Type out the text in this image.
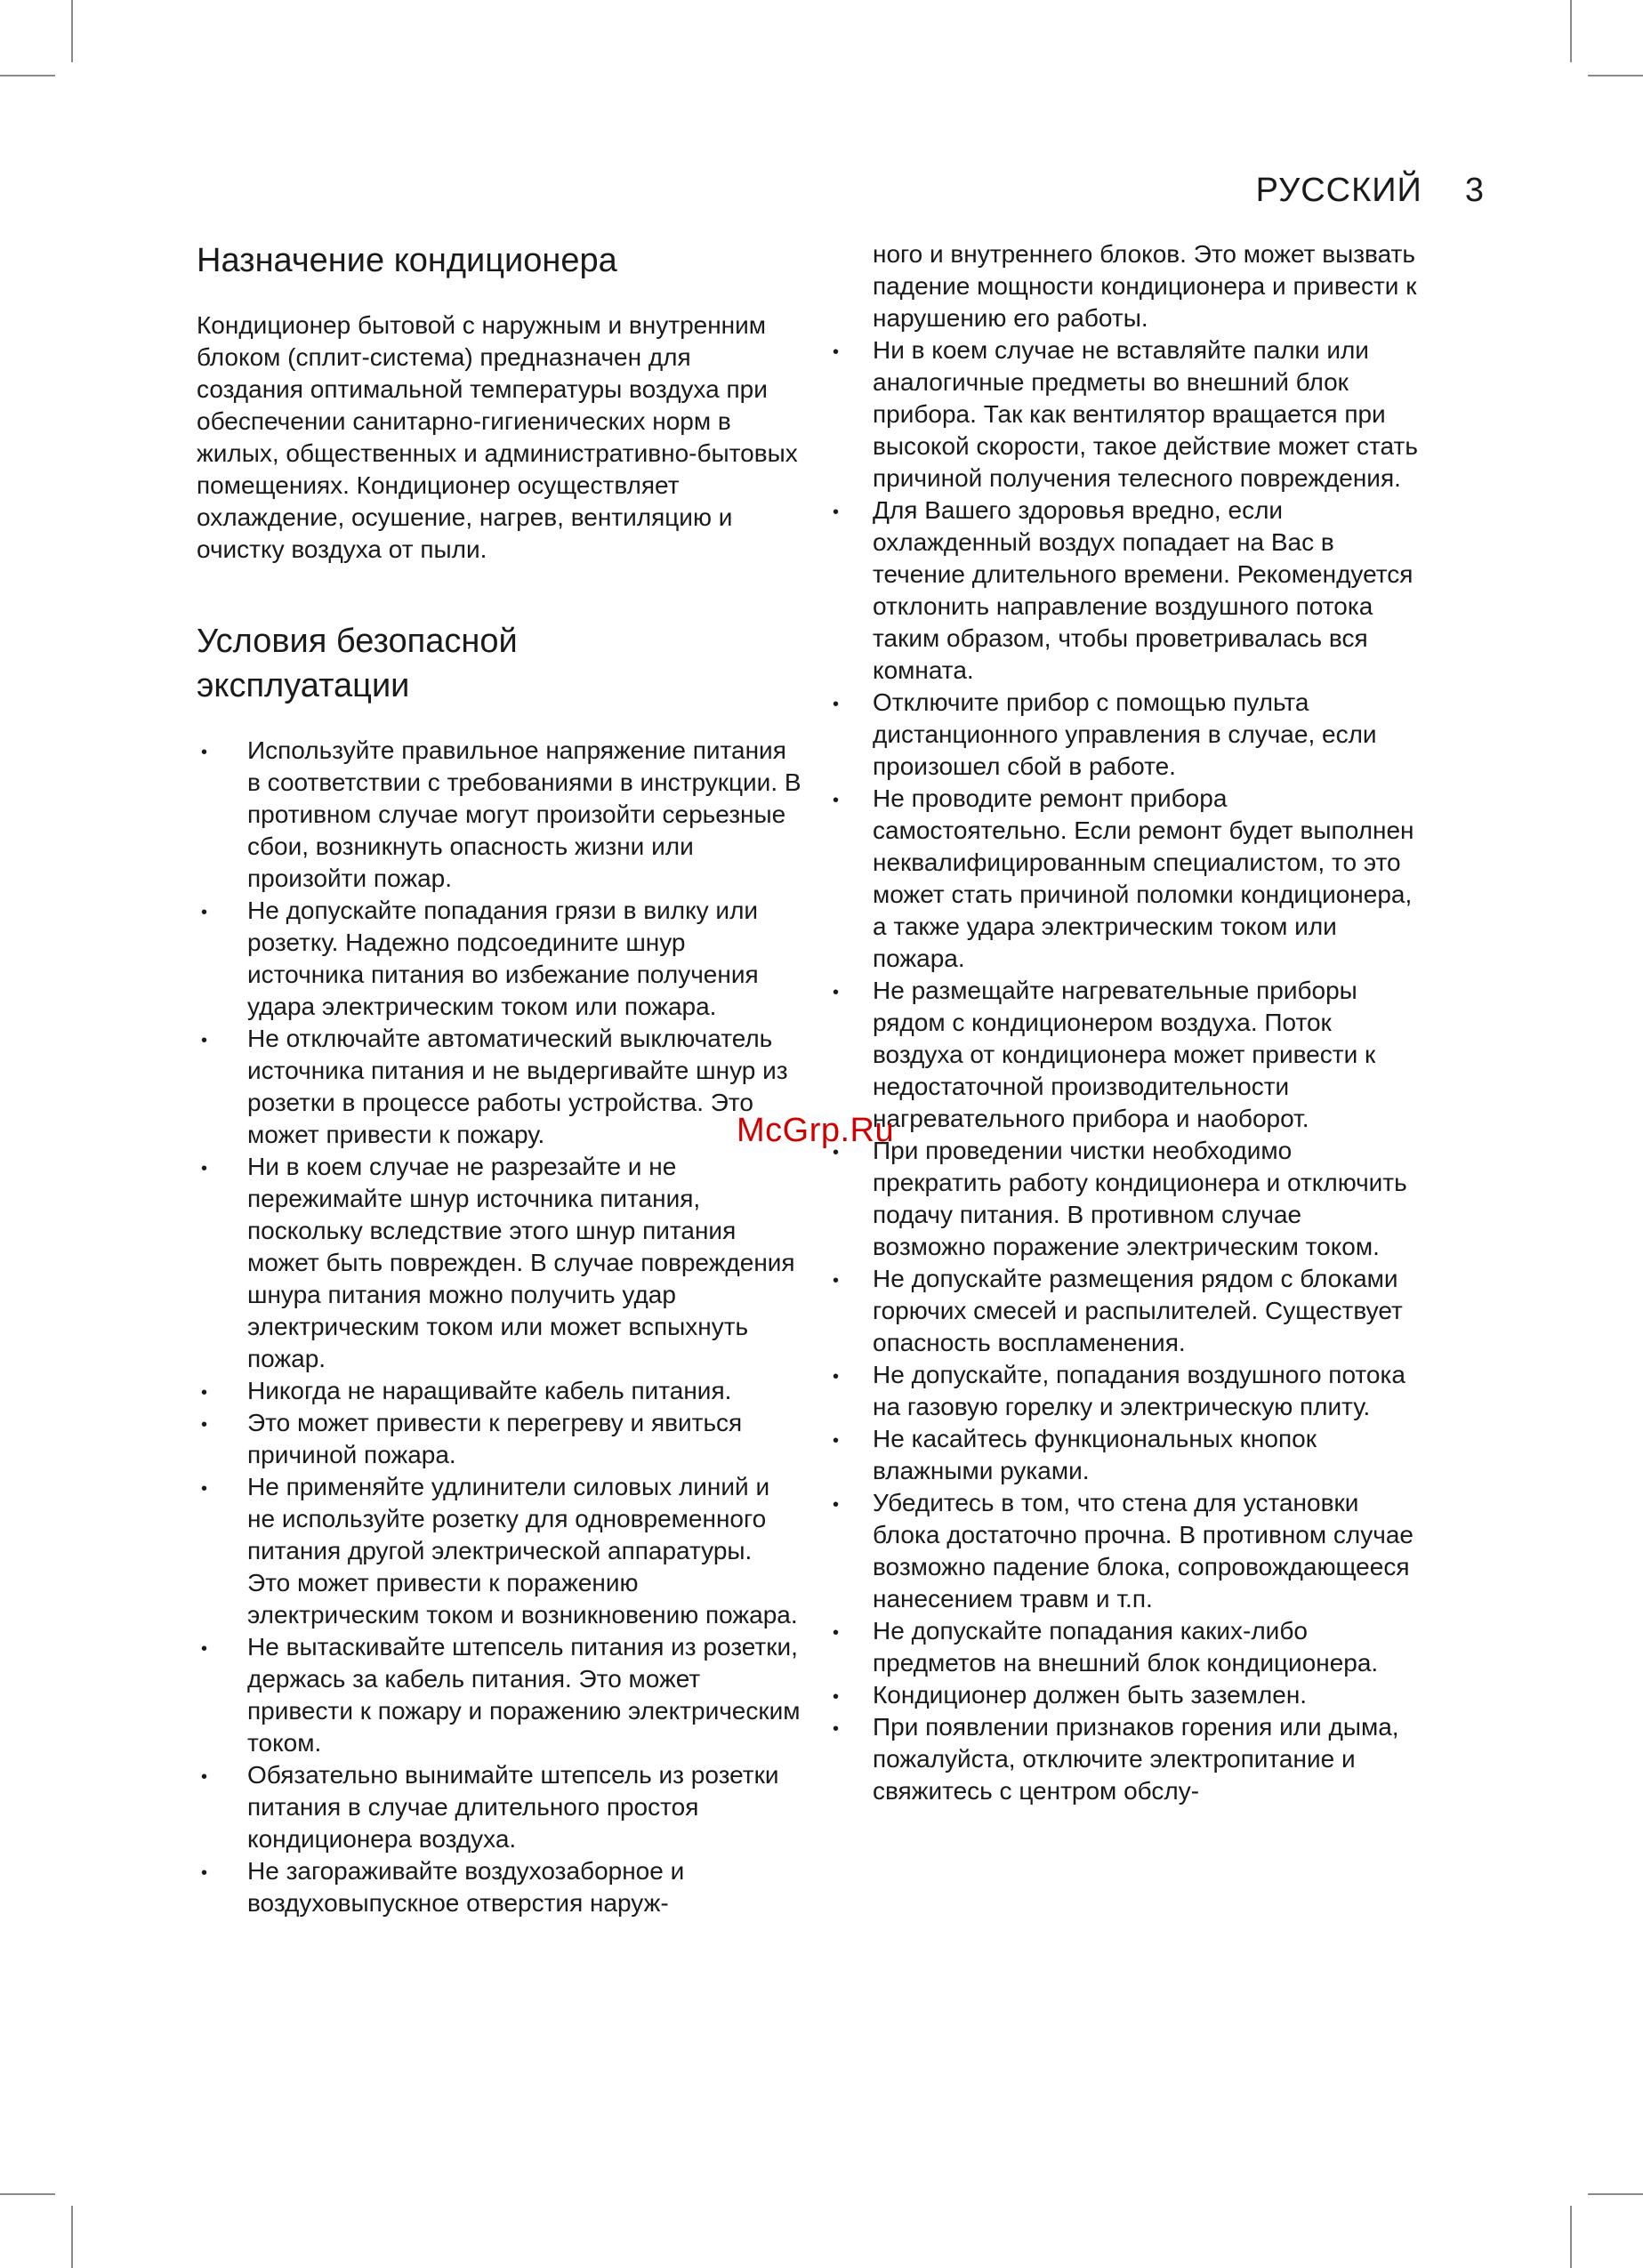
РУССКИЙ 3
Назначение кондиционера

Кондиционер бытовой с наружным и внутренним блоком (сплит-система) предназначен для создания оптимальной температуры воздуха при обеспечении санитарно-гигиенических норм в жилых, общественных и административно-бытовых помещениях. Кондиционер осуществляет охлаждение, осушение, нагрев, вентиляцию и очистку воздуха от пыли.

Условия безопасной эксплуатации
• Используйте правильное напряжение питания в соответствии с требованиями в инструкции. В противном случае могут произойти серьезные сбои, возникнуть опасность жизни или произойти пожар.
• Не допускайте попадания грязи в вилку или розетку. Надежно подсоедините шнур источника питания во избежание получения удара электрическим током или пожара.
• Не отключайте автоматический выключатель источника питания и не выдергивайте шнур из розетки в процессе работы устройства. Это может привести к пожару.
• Ни в коем случае не разрезайте и не пережимайте шнур источника питания, поскольку вследствие этого шнур питания может быть поврежден. В случае повреждения шнура питания можно получить удар электрическим током или может вспыхнуть пожар.
• Никогда не наращивайте кабель питания.
• Это может привести к перегреву и явиться причиной пожара.
• Не применяйте удлинители силовых линий и не используйте розетку для одновременного питания другой электрической аппаратуры. Это может привести к поражению электрическим током и возникновению пожара.
• Не вытаскивайте штепсель питания из розетки, держась за кабель питания. Это может привести к пожару и поражению электрическим током.
• Обязательно вынимайте штепсель из розетки питания в случае длительного простоя кондиционера воздуха.
• Не загораживайте воздухозаборное и воздуховыпускное отверстия наруж-

ного и внутреннего блоков. Это может вызвать падение мощности кондиционера и привести к нарушению его работы.

• Ни в коем случае не вставляйте палки или аналогичные предметы во внешний блок прибора. Так как вентилятор вращается при высокой скорости, такое действие может стать причиной получения телесного повреждения.
• Для Вашего здоровья вредно, если охлажденный воздух попадает на Вас в течение длительного времени. Рекомендуется отклонить направление воздушного потока таким образом, чтобы проветривалась вся комната.
• Отключите прибор с помощью пульта дистанционного управления в случае, если произошел сбой в работе.
• Не проводите ремонт прибора самостоятельно. Если ремонт будет выполнен неквалифицированным специалистом, то это может стать причиной поломки кондиционера, а также удара электрическим током или пожара.
• Не размещайте нагревательные приборы рядом с кондиционером воздуха. Поток воздуха от кондиционера может привести к недостаточной производительности нагревательного прибора и наоборот.
• При проведении чистки необходимо прекратить работу кондиционера и отключить подачу питания. В противном случае возможно поражение электрическим током.
• Не допускайте размещения рядом с блоками горючих смесей и распылителей. Существует опасность воспламенения.
• Не допускайте, попадания воздушного потока на газовую горелку и электрическую плиту.
• Не касайтесь функциональных кнопок влажными руками.
• Убедитесь в том, что стена для установки блока достаточно прочна. В противном случае возможно падение блока, сопровождающееся нанесением травм и т.п.
• Не допускайте попадания каких-либо предметов на внешний блок кондиционера.
• Кондиционер должен быть заземлен.
• При появлении признаков горения или дыма, пожалуйста, отключите электропитание и свяжитесь с центром обслу-
McGrp.Ru
